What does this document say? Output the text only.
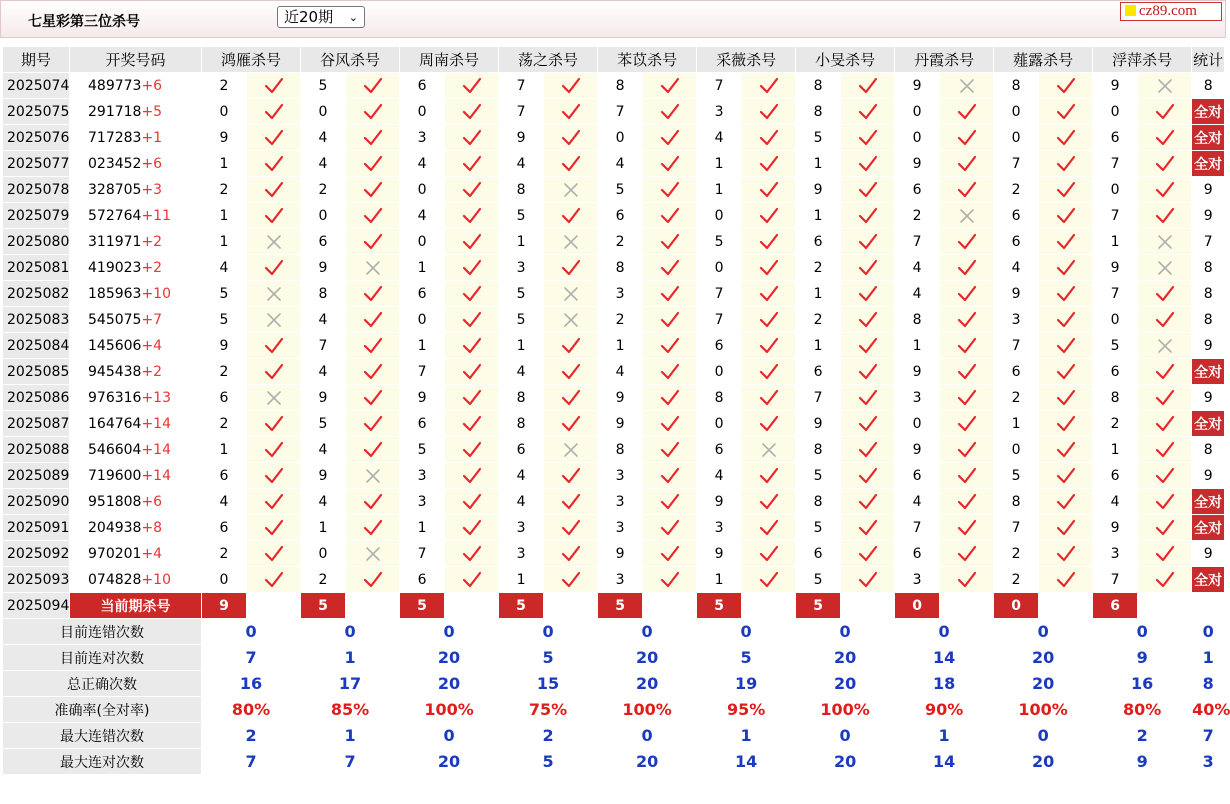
七星彩第三位杀号	近20期 ⌄	cz89.com
期号	开奖号码	鸿雁杀号		谷风杀号		周南杀号		荡之杀号		苯苡杀号		采薇杀号		小旻杀号		丹霞杀号		薤露杀号		浮萍杀号		统计
2025074	489773+6	2		5		6		7		8		7		8		9		8		9		8
2025075	291718+5	0		0		0		7		7		3		8		0		0		0		全对
2025076	717283+1	9		4		3		9		0		4		5		0		0		6		全对
2025077	023452+6	1		4		4		4		4		1		1		9		7		7		全对
2025078	328705+3	2		2		0		8		5		1		9		6		2		0		9
2025079	572764+11	1		0		4		5		6		0		1		2		6		7		9
2025080	311971+2	1		6		0		1		2		5		6		7		6		1		7
2025081	419023+2	4		9		1		3		8		0		2		4		4		9		8
2025082	185963+10	5		8		6		5		3		7		1		4		9		7		8
2025083	545075+7	5		4		0		5		2		7		2		8		3		0		8
2025084	145606+4	9		7		1		1		1		6		1		1		7		5		9
2025085	945438+2	2		4		7		4		4		0		6		9		6		6		全对
2025086	976316+13	6		9		9		8		9		8		7		3		2		8		9
2025087	164764+14	2		5		6		8		9		0		9		0		1		2		全对
2025088	546604+14	1		4		5		6		8		6		8		9		0		1		8
2025089	719600+14	6		9		3		4		3		4		5		6		5		6		9
2025090	951808+6	4		4		3		4		3		9		8		4		8		4		全对
2025091	204938+8	6		1		1		3		3		3		5		7		7		9		全对
2025092	970201+4	2		0		7		3		9		9		6		6		2		3		9
2025093	074828+10	0		2		6		1		3		1		5		3		2		7		全对
2025094	当前期杀号	9		5		5		5		5		5		5		0		0		6		
目前连错次数		0		0		0		0		0		0		0		0		0		0		0
目前连对次数		7		1		20		5		20		5		20		14		20		9		1
总正确次数		16		17		20		15		20		19		20		18		20		16		8
准确率(全对率)		80%		85%		100%		75%		100%		95%		100%		90%		100%		80%		40%
最大连错次数		2		1		0		2		0		1		0		1		0		2		7
最大连对次数		7		7		20		5		20		14		20		14		20		9		3
